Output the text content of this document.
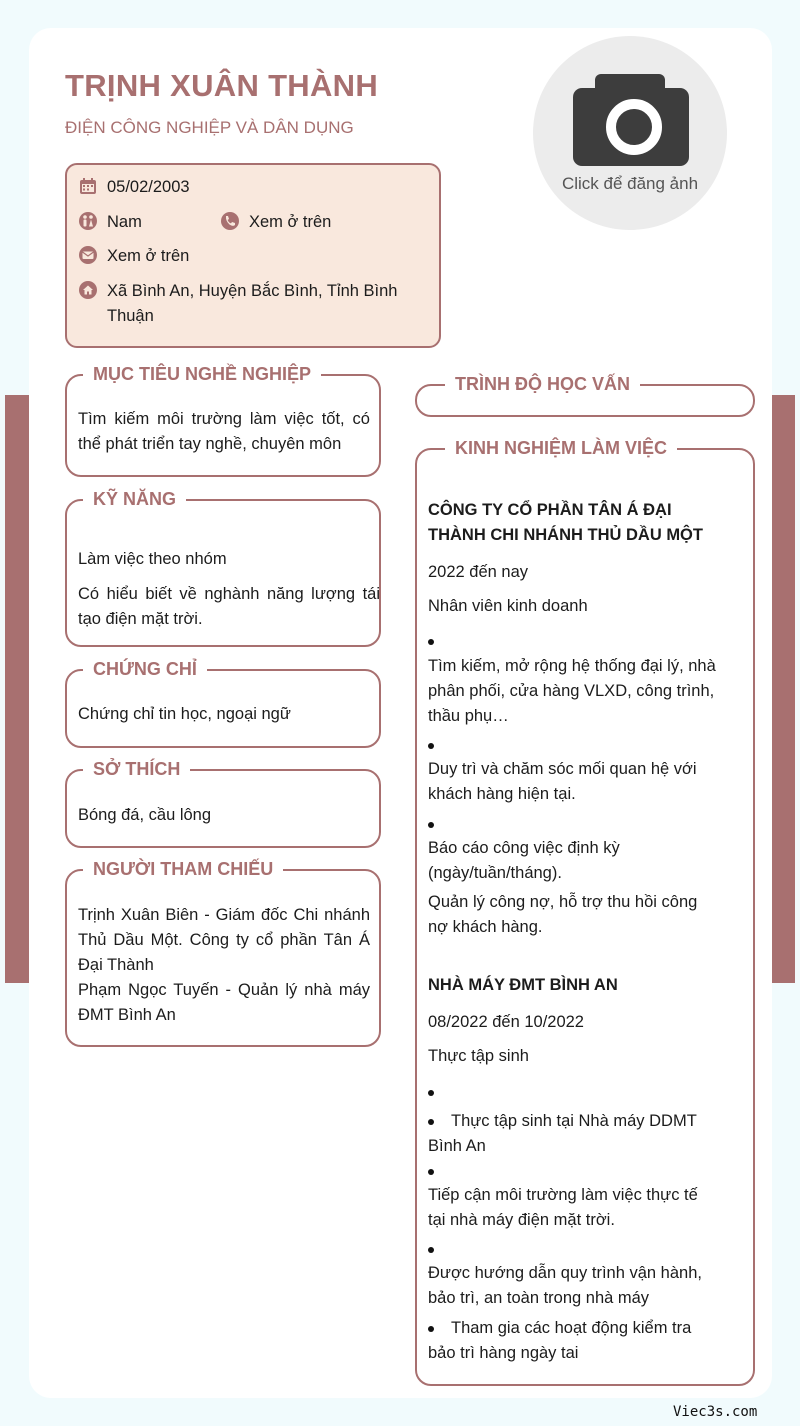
TRỊNH XUÂN THÀNH
ĐIỆN CÔNG NGHIỆP VÀ DÂN DỤNG
Click để đăng ảnh
05/02/2003
Nam	Xem ở trên
Xem ở trên
Xã Bình An, Huyện Bắc Bình, Tỉnh Bình Thuận
MỤC TIÊU NGHỀ NGHIỆP
Tìm kiếm môi trường làm việc tốt, có thể phát triển tay nghề, chuyên môn
KỸ NĂNG
Làm việc theo nhóm
Có hiểu biết về nghành năng lượng tái tạo điện mặt trời.
CHỨNG CHỈ
Chứng chỉ tin học, ngoại ngữ
SỞ THÍCH
Bóng đá, cầu lông
NGƯỜI THAM CHIẾU
Trịnh Xuân Biên - Giám đốc Chi nhánh Thủ Dầu Một. Công ty cổ phần Tân Á Đại Thành
Phạm Ngọc Tuyến - Quản lý nhà máy ĐMT Bình An
TRÌNH ĐỘ HỌC VẤN
KINH NGHIỆM LÀM VIỆC
CÔNG TY CỔ PHẦN TÂN Á ĐẠI THÀNH CHI NHÁNH THỦ DẦU MỘT
2022 đến nay
Nhân viên kinh doanh
Tìm kiếm, mở rộng hệ thống đại lý, nhà phân phối, cửa hàng VLXD, công trình, thầu phụ…
Duy trì và chăm sóc mối quan hệ với khách hàng hiện tại.
Báo cáo công việc định kỳ (ngày/tuần/tháng).
Quản lý công nợ, hỗ trợ thu hồi công nợ khách hàng.
NHÀ MÁY ĐMT BÌNH AN
08/2022 đến 10/2022
Thực tập sinh
Thực tập sinh tại Nhà máy DDMT Bình An
Tiếp cận môi trường làm việc thực tế tại nhà máy điện mặt trời.
Được hướng dẫn quy trình vận hành, bảo trì, an toàn trong nhà máy
Tham gia các hoạt động kiểm tra bảo trì hàng ngày tai
Viec3s.com
